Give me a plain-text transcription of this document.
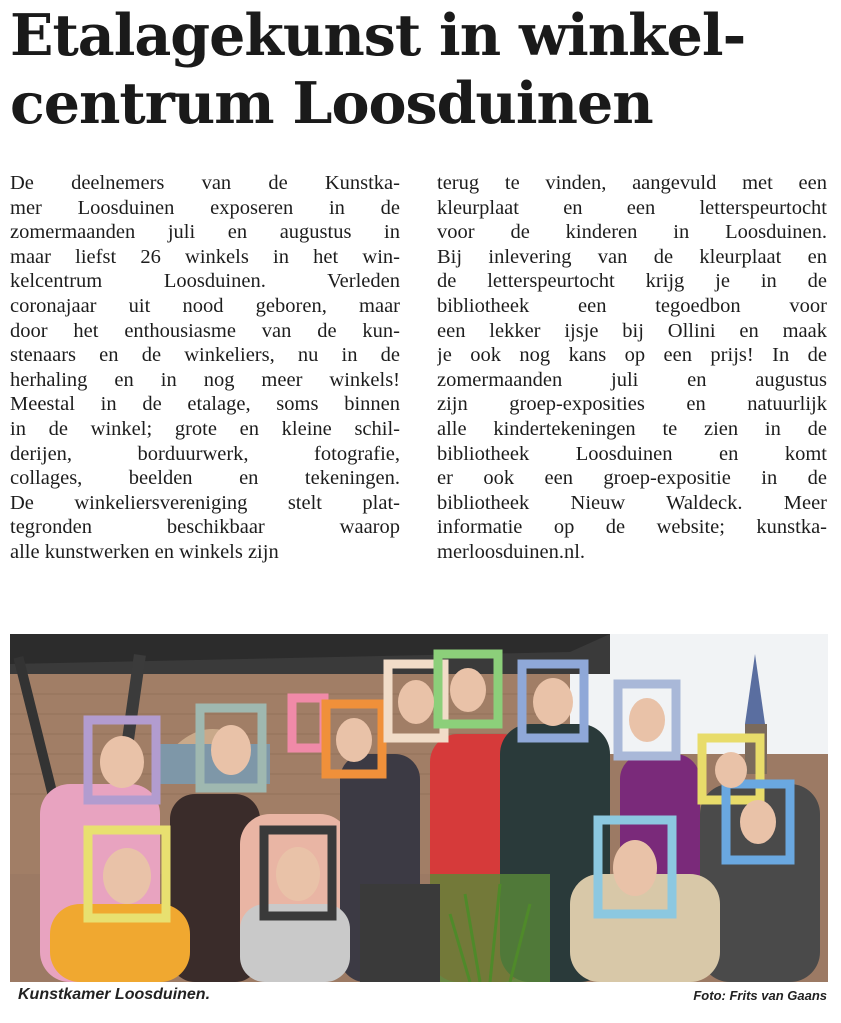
Etalagekunst in winkel-
centrum Loosduinen
De deelnemers van de Kunstka-
mer Loosduinen exposeren in de
zomermaanden juli en augustus in
maar liefst 26 winkels in het win-
kelcentrum Loosduinen. Verleden
coronajaar uit nood geboren, maar
door het enthousiasme van de kun-
stenaars en de winkeliers, nu in de
herhaling en in nog meer winkels!
Meestal in de etalage, soms binnen
in de winkel; grote en kleine schil-
derijen, borduurwerk, fotografie,
collages, beelden en tekeningen.
De winkeliersvereniging stelt plat-
tegronden beschikbaar waarop
alle kunstwerken en winkels zijn
terug te vinden, aangevuld met een
kleurplaat en een letterspeurtocht
voor de kinderen in Loosduinen.
Bij inlevering van de kleurplaat en
de letterspeurtocht krijg je in de
bibliotheek een tegoedbon voor
een lekker ijsje bij Ollini en maak
je ook nog kans op een prijs! In de
zomermaanden juli en augustus
zijn groep-exposities en natuurlijk
alle kindertekeningen te zien in de
bibliotheek Loosduinen en komt
er ook een groep-expositie in de
bibliotheek Nieuw Waldeck. Meer
informatie op de website; kunstka-
merloosduinen.nl.
Kunstkamer Loosduinen.	Foto: Frits van Gaans
